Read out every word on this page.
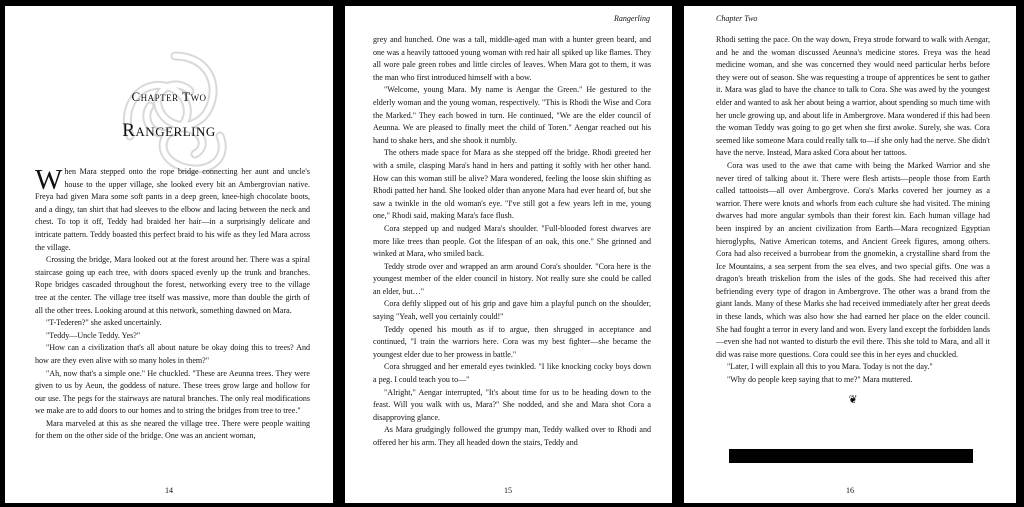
Chapter Two
Rangerling

When Mara stepped onto the rope bridge connecting her aunt and uncle's house to the upper village, she looked every bit an Ambergrovian native. Freya had given Mara some soft pants in a deep green, knee-high chocolate boots, and a dingy, tan shirt that had sleeves to the elbow and lacing between the neck and chest. To top it off, Teddy had braided her hair—in a surprisingly delicate and intricate pattern. Teddy boasted this perfect braid to his wife as they led Mara across the village.

Crossing the bridge, Mara looked out at the forest around her. There was a spiral staircase going up each tree, with doors spaced evenly up the trunk and branches. Rope bridges cascaded throughout the forest, networking every tree to the village tree at the center. The village tree itself was massive, more than double the girth of all the other trees. Looking around at this network, something dawned on Mara.

"T-Tederen?" she asked uncertainly.

"Teddy—Uncle Teddy. Yes?"

"How can a civilization that's all about nature be okay doing this to trees? And how are they even alive with so many holes in them?"

"Ah, now that's a simple one." He chuckled. "These are Aeunna trees. They were given to us by Aeun, the goddess of nature. These trees grow large and hollow for our use. The pegs for the stairways are natural branches. The only real modifications we make are to add doors to our homes and to string the bridges from tree to tree."

Mara marveled at this as she neared the village tree. There were people waiting for them on the other side of the bridge. One was an ancient woman,

14
Rangerling

grey and hunched. One was a tall, middle-aged man with a hunter green beard, and one was a heavily tattooed young woman with red hair all spiked up like flames. They all wore pale green robes and little circles of leaves. When Mara got to them, it was the man who first introduced himself with a bow.

"Welcome, young Mara. My name is Aengar the Green." He gestured to the elderly woman and the young woman, respectively. "This is Rhodi the Wise and Cora the Marked." They each bowed in turn. He continued, "We are the elder council of Aeunna. We are pleased to finally meet the child of Toren." Aengar reached out his hand to shake hers, and she shook it numbly.

The others made space for Mara as she stepped off the bridge. Rhodi greeted her with a smile, clasping Mara's hand in hers and patting it softly with her other hand. How can this woman still be alive? Mara wondered, feeling the loose skin shifting as Rhodi patted her hand. She looked older than anyone Mara had ever heard of, but she saw a twinkle in the old woman's eye. "I've still got a few years left in me, young one," Rhodi said, making Mara's face flush.

Cora stepped up and nudged Mara's shoulder. "Full-blooded forest dwarves are more like trees than people. Got the lifespan of an oak, this one." She grinned and winked at Mara, who smiled back.

Teddy strode over and wrapped an arm around Cora's shoulder. "Cora here is the youngest member of the elder council in history. Not really sure she could be called an elder, but…"

Cora deftly slipped out of his grip and gave him a playful punch on the shoulder, saying "Yeah, well you certainly could!"

Teddy opened his mouth as if to argue, then shrugged in acceptance and continued, "I train the warriors here. Cora was my best fighter—she became the youngest elder due to her prowess in battle."

Cora shrugged and her emerald eyes twinkled. "I like knocking cocky boys down a peg. I could teach you to—"

"Alright," Aengar interrupted, "It's about time for us to be heading down to the feast. Will you walk with us, Mara?" She nodded, and she and Mara shot Cora a disapproving glance.

As Mara grudgingly followed the grumpy man, Teddy walked over to Rhodi and offered her his arm. They all headed down the stairs, Teddy and

15
Chapter Two

Rhodi setting the pace. On the way down, Freya strode forward to walk with Aengar, and he and the woman discussed Aeunna's medicine stores. Freya was the head medicine woman, and she was concerned they would need particular herbs before they were out of season. She was requesting a troupe of apprentices be sent to gather it. Mara was glad to have the chance to talk to Cora. She was awed by the youngest elder and wanted to ask her about being a warrior, about spending so much time with her uncle growing up, and about life in Ambergrove. Mara wondered if this had been the woman Teddy was going to go get when she first awoke. Surely, she was. Cora seemed like someone Mara could really talk to—if she only had the nerve. She didn't have the nerve. Instead, Mara asked Cora about her tattoos.

Cora was used to the awe that came with being the Marked Warrior and she never tired of talking about it. There were flesh artists—people those from Earth called tattooists—all over Ambergrove. Cora's Marks covered her journey as a warrior. There were knots and whorls from each culture she had visited. The mining dwarves had more angular symbols than their forest kin. Each human village had been inspired by an ancient civilization from Earth—Mara recognized Egyptian hieroglyphs, Native American totems, and Ancient Greek figures, among others. Cora had also received a burrobear from the gnomekin, a crystalline shard from the Ice Mountains, a sea serpent from the sea elves, and two special gifts. One was a dragon's breath triskelion from the isles of the gods. She had received this after befriending every type of dragon in Ambergrove. The other was a brand from the giant lands. Many of these Marks she had received immediately after her great deeds in these lands, which was also how she had earned her place on the elder council. She had fought a terror in every land and won. Every land except the forbidden lands—even she had not wanted to disturb the evil there. This she told to Mara, and all it did was raise more questions. Cora could see this in her eyes and chuckled.

"Later, I will explain all this to you Mara. Today is not the day."

"Why do people keep saying that to me?" Mara muttered.

❦

16
